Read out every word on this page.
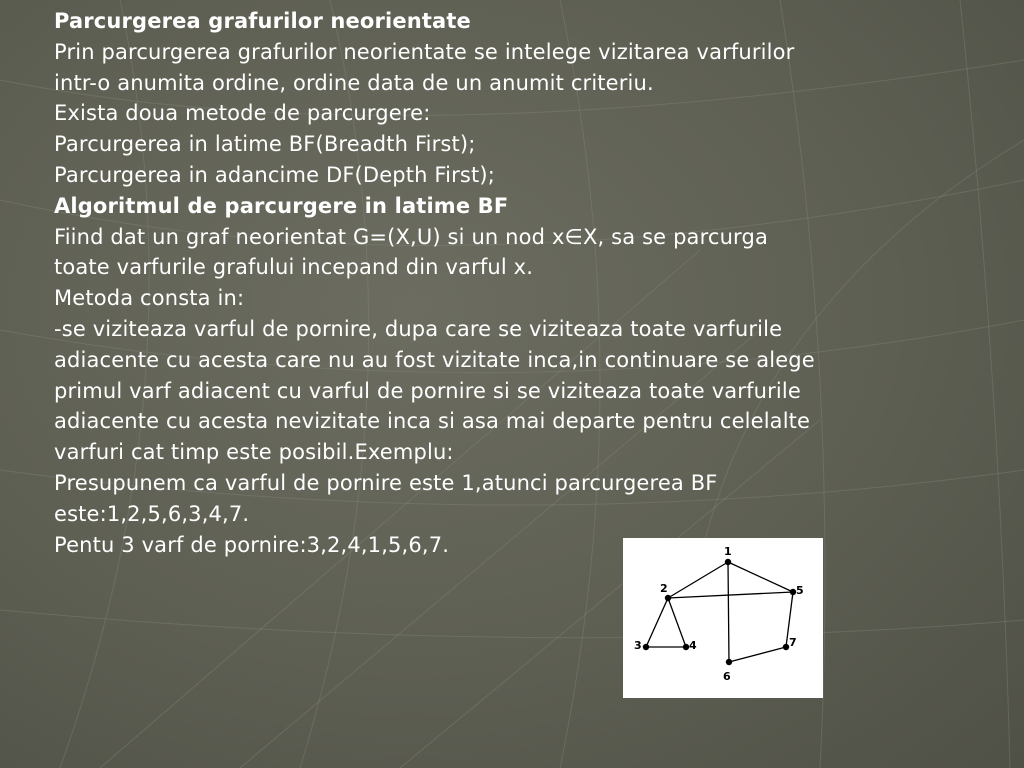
Parcurgerea grafurilor neorientate
Prin parcurgerea grafurilor neorientate se intelege vizitarea varfurilor
intr-o anumita ordine, ordine data de un anumit criteriu.
Exista doua metode de parcurgere:
Parcurgerea in latime BF(Breadth First);
Parcurgerea in adancime DF(Depth First);
Algoritmul de parcurgere in latime BF
Fiind dat un graf neorientat G=(X,U) si un nod x∈X, sa se parcurga
toate varfurile grafului incepand din varful x.
Metoda consta in:
-se viziteaza varful de pornire, dupa care se viziteaza toate varfurile
adiacente cu acesta care nu au fost vizitate inca,in continuare se alege
primul varf adiacent cu varful de pornire si se viziteaza toate varfurile
adiacente cu acesta nevizitate inca si asa mai departe pentru celelalte
varfuri cat timp este posibil.Exemplu:
Presupunem ca varful de pornire este 1,atunci parcurgerea BF
este:1,2,5,6,3,4,7.
Pentu 3 varf de pornire:3,2,4,1,5,6,7.	1
2
3	4
5
6
7
